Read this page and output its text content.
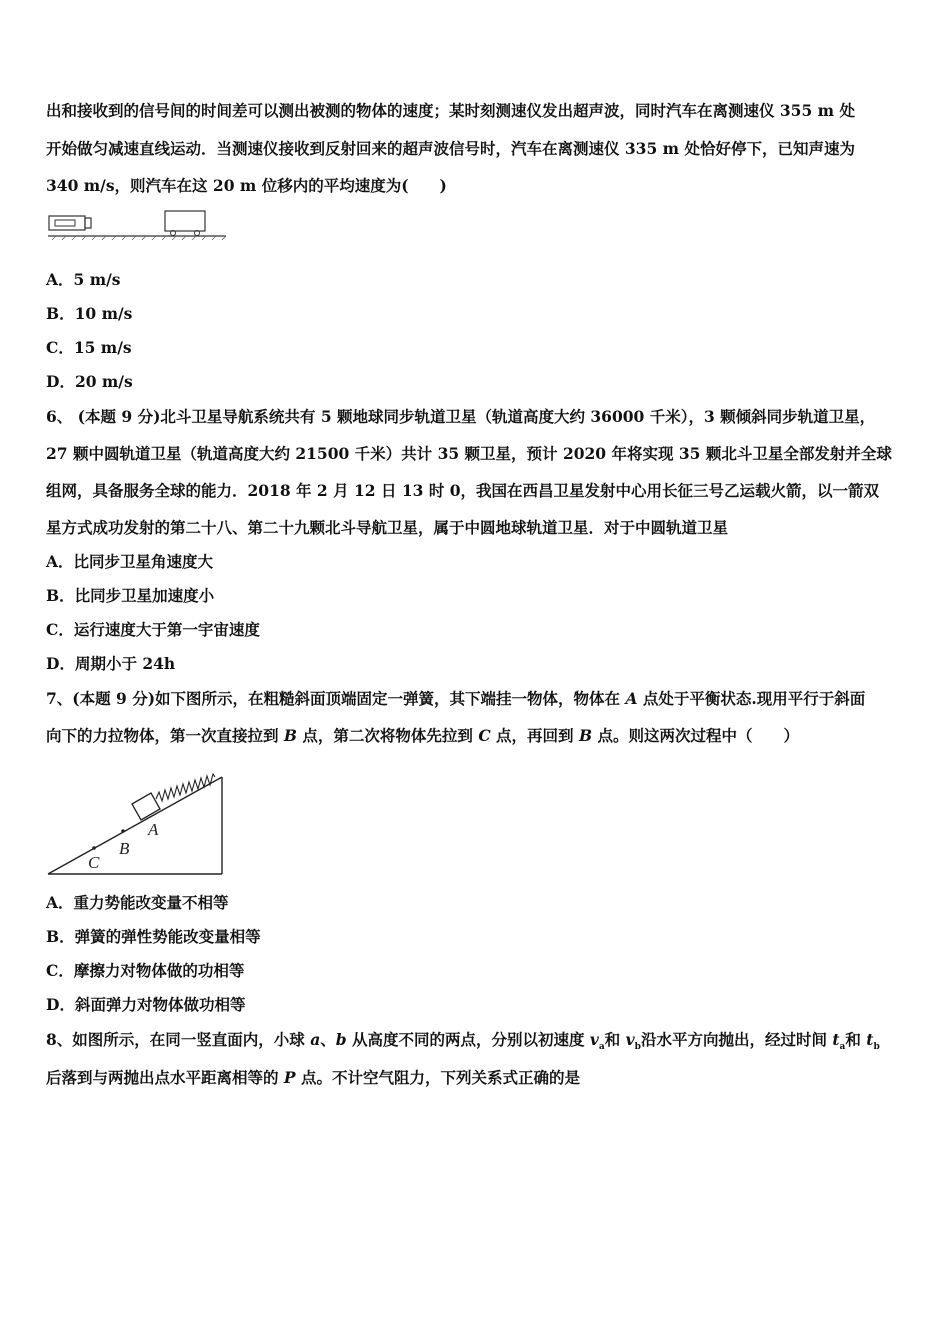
出和接收到的信号间的时间差可以测出被测的物体的速度；某时刻测速仪发出超声波，同时汽车在离测速仪 355 m 处
开始做匀减速直线运动．当测速仪接收到反射回来的超声波信号时，汽车在离测速仪 335 m 处恰好停下，已知声速为
340 m/s，则汽车在这 20 m 位移内的平均速度为(　　)
A．5 m/s
B．10 m/s
C．15 m/s
D．20 m/s
6、 (本题 9 分)北斗卫星导航系统共有 5 颗地球同步轨道卫星（轨道高度大约 36000 千米），3 颗倾斜同步轨道卫星，
27 颗中圆轨道卫星（轨道高度大约 21500 千米）共计 35 颗卫星，预计 2020 年将实现 35 颗北斗卫星全部发射并全球
组网，具备服务全球的能力．2018 年 2 月 12 日 13 时 0，我国在西昌卫星发射中心用长征三号乙运载火箭，以一箭双
星方式成功发射的第二十八、第二十九颗北斗导航卫星，属于中圆地球轨道卫星．对于中圆轨道卫星
A．比同步卫星角速度大
B．比同步卫星加速度小
C．运行速度大于第一宇宙速度
D．周期小于 24h
7、(本题 9 分)如下图所示，在粗糙斜面顶端固定一弹簧，其下端挂一物体，物体在 A 点处于平衡状态.现用平行于斜面
向下的力拉物体，第一次直接拉到 B 点，第二次将物体先拉到 C 点，再回到 B 点。则这两次过程中（　　）
A
B
C
A．重力势能改变量不相等
B．弹簧的弹性势能改变量相等
C．摩擦力对物体做的功相等
D．斜面弹力对物体做功相等
8、如图所示，在同一竖直面内，小球 a、b 从高度不同的两点，分别以初速度 $v_a$和 $v_b$沿水平方向抛出，经过时间 $t_a$和 $t_b$
后落到与两抛出点水平距离相等的 P 点。不计空气阻力，下列关系式正确的是
